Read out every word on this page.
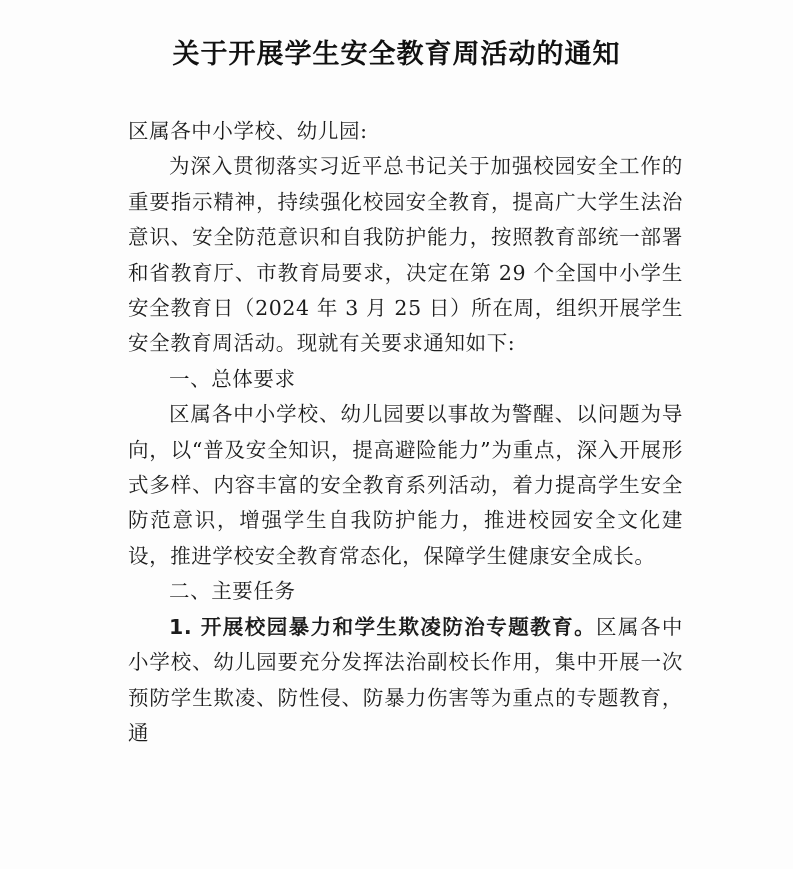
关于开展学生安全教育周活动的通知

区属各中小学校、幼儿园:

为深入贯彻落实习近平总书记关于加强校园安全工作的重要指示精神，持续强化校园安全教育，提高广大学生法治意识、安全防范意识和自我防护能力，按照教育部统一部署和省教育厅、市教育局要求，决定在第 29 个全国中小学生安全教育日（2024 年 3 月 25 日）所在周，组织开展学生安全教育周活动。现就有关要求通知如下:

一、总体要求

区属各中小学校、幼儿园要以事故为警醒、以问题为导向，以“普及安全知识，提高避险能力”为重点，深入开展形式多样、内容丰富的安全教育系列活动，着力提高学生安全防范意识，增强学生自我防护能力，推进校园安全文化建设，推进学校安全教育常态化，保障学生健康安全成长。

二、主要任务

1. 开展校园暴力和学生欺凌防治专题教育。区属各中小学校、幼儿园要充分发挥法治副校长作用，集中开展一次预防学生欺凌、防性侵、防暴力伤害等为重点的专题教育，通
